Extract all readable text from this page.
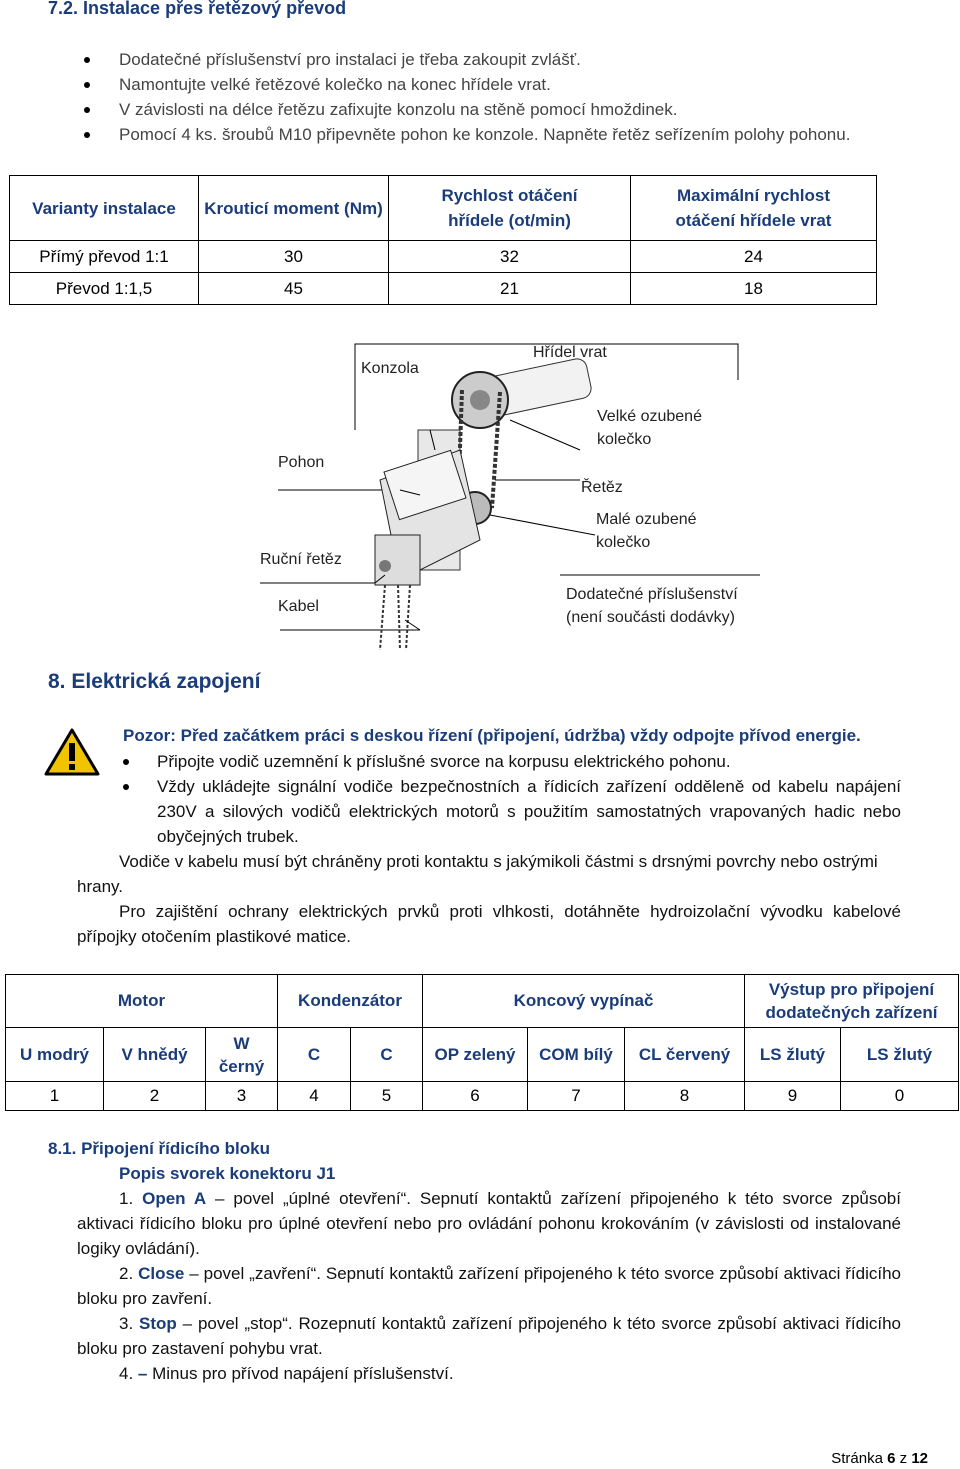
7.2. Instalace přes řetězový převod
Dodatečné příslušenství pro instalaci je třeba zakoupit zvlášť.
Namontujte velké řetězové kolečko na konec hřídele vrat.
V závislosti na délce řetězu zafixujte konzolu na stěně pomocí hmoždinek.
Pomocí 4 ks. šroubů M10 připevněte pohon ke konzole. Napněte řetěz seřízením polohy pohonu.
Varianty instalace	Krouticí moment (Nm)	Rychlost otáčení hřídele (ot/min)	Maximální rychlost otáčení hřídele vrat
Přímý převod 1:1	30	32	24
Převod 1:1,5	45	21	18
Konzola
Hřídel vrat
Velké ozubené
kolečko
Pohon
Řetěz
Malé ozubené
kolečko
Ruční řetěz
Kabel
Dodatečné příslušenství
(není součásti dodávky)
8. Elektrická zapojení
Pozor: Před začátkem práci s deskou řízení (připojení, údržba) vždy odpojte přívod energie.
Připojte vodič uzemnění k příslušné svorce na korpusu elektrického pohonu.
Vždy ukládejte signální vodiče bezpečnostních a řídicích zařízení odděleně od kabelu napájení 230V a silových vodičů elektrických motorů s použitím samostatných vrapovaných hadic nebo obyčejných trubek.
Vodiče v kabelu musí být chráněny proti kontaktu s jakýmikoli částmi s drsnými povrchy nebo ostrými hrany.
Pro zajištění ochrany elektrických prvků proti vlhkosti, dotáhněte hydroizolační vývodku kabelové přípojky otočením plastikové matice.
Motor			Kondenzátor		Koncový vypínač			Výstup pro připojení dodatečných zařízení	
U modrý	V hnědý	W černý	C	C	OP zelený	COM bílý	CL červený	LS žlutý	LS žlutý
1	2	3	4	5	6	7	8	9	0
8.1. Připojení řídicího bloku
Popis svorek konektoru J1
1. Open A – povel „úplné otevření“. Sepnutí kontaktů zařízení připojeného k této svorce způsobí aktivaci řídicího bloku pro úplné otevření nebo pro ovládání pohonu krokováním (v závislosti od instalované logiky ovládání).
2. Close – povel „zavření“. Sepnutí kontaktů zařízení připojeného k této svorce způsobí aktivaci řídicího bloku pro zavření.
3. Stop – povel „stop“. Rozepnutí kontaktů zařízení připojeného k této svorce způsobí aktivaci řídicího bloku pro zastavení pohybu vrat.
4. – Minus pro přívod napájení příslušenství.
Stránka 6 z 12
